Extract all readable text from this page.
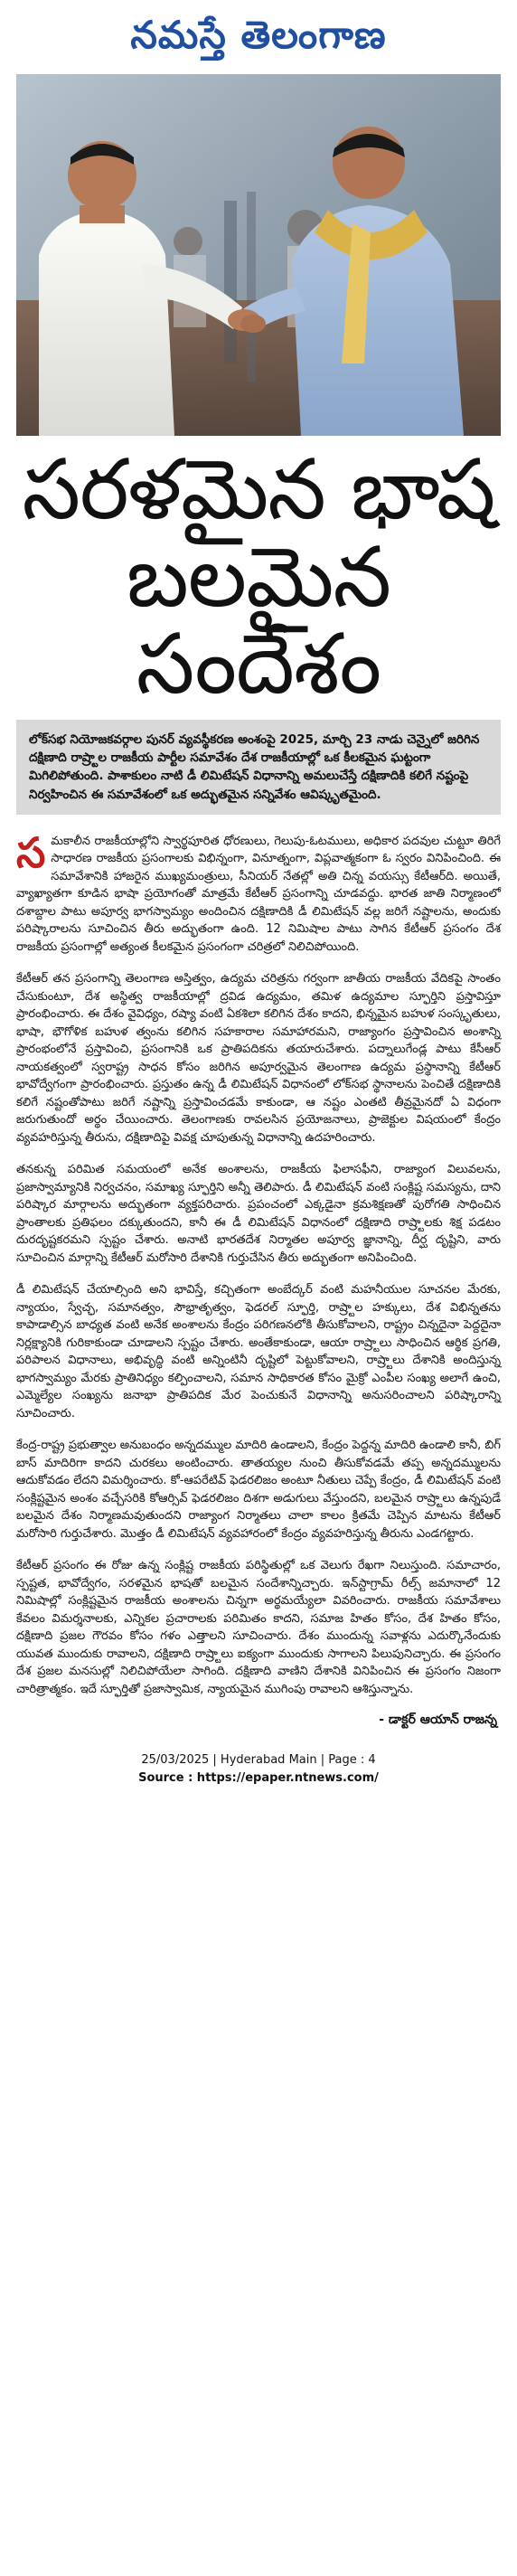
నమస్తే తెలంగాణ
సరళమైన భాష
బలమైన సందేశం
లోక్‌సభ నియోజకవర్గాల పునర్‌ వ్యవస్థీకరణ అంశంపై 2025, మార్చి 23 నాడు చెన్నైలో జరిగిన దక్షిణాది రాష్ర్టాల రాజకీయ పార్టీల సమావేశం దేశ రాజకీయాల్లో ఒక కీలకమైన ఘట్టంగా మిగిలిపోతుంది. పాశాకులం నాటి డీ లిమిటేషన్‌ విధానాన్ని అమలుచేస్తే దక్షిణాదికి కలిగే నష్టంపై నిర్వహించిన ఈ సమావేశంలో ఒక అద్భుతమైన సన్నివేశం ఆవిష్కృతమైంది.

స మకాలీన రాజకీయాల్లోని స్వార్థపూరిత ధోరణులు, గెలుపు-ఓటములు, అధికార పదవుల చుట్టూ తిరిగే సాధారణ రాజకీయ ప్రసంగాలకు విభిన్నంగా, వినూత్నంగా, విప్లవాత్మకంగా ఓ స్వరం వినిపించింది. ఈ సమావేశానికి హాజరైన ముఖ్యమంత్రులు, సీనియర్‌ నేతల్లో అతి చిన్న వయస్సు కేటీఆర్‌ది. అయితే, వ్యాఖ్యాతగా కూడిన భాషా ప్రయోగంతో మాత్రమే కేటీఆర్‌ ప్రసంగాన్ని చూడవద్దు. భారత జాతి నిర్మాణంలో దశాబ్దాల పాటు అపూర్వ భాగస్వామ్యం అందించిన దక్షిణాదికి డీ లిమిటేషన్‌ వల్ల జరిగే నష్టాలను, అందుకు పరిష్కారాలను సూచించిన తీరు అద్భుతంగా ఉంది. 12 నిమిషాల పాటు సాగిన కేటీఆర్‌ ప్రసంగం దేశ రాజకీయ ప్రసంగాల్లో అత్యంత కీలకమైన ప్రసంగంగా చరిత్రలో నిలిచిపోయింది.

కేటీఆర్‌ తన ప్రసంగాన్ని తెలంగాణ అస్తిత్వం, ఉద్యమ చరిత్రను గర్వంగా జాతీయ రాజకీయ వేదికపై సాంతం చేసుకుంటూ, దేశ అస్థిత్వ రాజకీయాల్లో ద్రవిడ ఉద్యమం, తమిళ ఉద్యమాల స్ఫూర్తిని ప్రస్తావిస్తూ ప్రారంభించారు. ఈ దేశం వైవిధ్యం, రష్యా వంటి ఏకశిలా కలిగిన దేశం కాదని, భిన్నమైన బహుళ సంస్కృతులు, భాషా, భౌగోళిక బహుళ త్వంను కలిగిన సహకారాల సమాహారమని, రాజ్యాంగం ప్రస్తావించిన అంశాన్ని ప్రారంభంలోనే ప్రస్తావించి, ప్రసంగానికి ఒక ప్రాతిపదికను తయారుచేశారు. పద్నాలుగేండ్ల పాటు కేసీఆర్‌ నాయకత్వంలో స్వరాష్ట్ర సాధన కోసం జరిగిన అపూర్వమైన తెలంగాణ ఉద్యమ ప్రస్థానాన్ని కేటీఆర్‌ భావోద్వేగంగా ప్రారంభించారు. ప్రస్తుతం ఉన్న డీ లిమిటేషన్‌ విధానంలో లోక్‌సభ స్థానాలను పెంచితే దక్షిణాదికి కలిగే నష్టంతోపాటు జరిగే నష్టాన్ని ప్రస్తావించడమే కాకుండా, ఆ నష్టం ఎంతటి తీవ్రమైనదో ఏ విధంగా జరుగుతుందో అర్థం చేయించారు. తెలంగాణకు రావలసిన ప్రయోజనాలు, ప్రాజెక్టుల విషయంలో కేంద్రం వ్యవహరిస్తున్న తీరును, దక్షిణాదిపై వివక్ష చూపుతున్న విధానాన్ని ఉదహరించారు.

తనకున్న పరిమిత సమయంలో అనేక అంశాలను, రాజకీయ ఫిలాసఫీని, రాజ్యాంగ విలువలను, ప్రజాస్వామ్యానికి నిర్వచనం, సమాఖ్య స్ఫూర్తిని అన్నీ తెలిపారు. డీ లిమిటేషన్‌ వంటి సంక్లిష్ట సమస్యను, దాని పరిష్కార మార్గాలను అద్భుతంగా వ్యక్తపరిచారు. ప్రపంచంలో ఎక్కడైనా క్రమశిక్షణతో పురోగతి సాధించిన ప్రాంతాలకు ప్రతిఫలం దక్కుతుందని, కానీ ఈ డీ లిమిటేషన్‌ విధానంలో దక్షిణాది రాష్ర్టాలకు శిక్ష పడటం దురదృష్టకరమని స్పష్టం చేశారు. అనాటి భారతదేశ నిర్మాతల అపూర్వ జ్ఞానాన్ని, దీర్ఘ దృష్టిని, వారు సూచించిన మార్గాన్ని కేటీఆర్‌ మరోసారి దేశానికి గుర్తుచేసిన తీరు అద్భుతంగా అనిపించింది.

డీ లిమిటేషన్‌ చేయాల్సింది అని భావిస్తే, కచ్చితంగా అంబేద్కర్‌ వంటి మహనీయుల సూచనల మేరకు, న్యాయం, స్వేచ్ఛ, సమానత్వం, సౌభ్రాతృత్వం, ఫెడరల్‌ స్ఫూర్తి, రాష్ర్టాల హక్కులు, దేశ విభిన్నతను కాపాడాల్సిన బాధ్యత వంటి అనేక అంశాలను కేంద్రం పరిగణనలోకి తీసుకోవాలని, రాష్ట్రం చిన్నదైనా పెద్దదైనా నిర్లక్ష్యానికి గురికాకుండా చూడాలని స్పష్టం చేశారు. అంతేకాకుండా, ఆయా రాష్ర్టాలు సాధించిన ఆర్థిక ప్రగతి, పరిపాలన విధానాలు, అభివృద్ధి వంటి అన్నింటినీ దృష్టిలో పెట్టుకోవాలని, రాష్ర్టాలు దేశానికి అందిస్తున్న భాగస్వామ్యం మేరకు ప్రాతినిధ్యం కల్పించాలని, సమాన సాధికారత కోసం మైక్రో ఎంపీల సంఖ్య అలాగే ఉంచి, ఎమ్మెల్యేల సంఖ్యను జనాభా ప్రాతిపదిక మేర పెంచుకునే విధానాన్ని అనుసరించాలని పరిష్కారాన్ని సూచించారు.

కేంద్ర-రాష్ట్ర ప్రభుత్వాల అనుబంధం అన్నదమ్ముల మాదిరి ఉండాలని, కేంద్రం పెద్దన్న మాదిరి ఉండాలి కానీ, బిగ్‌ బాస్‌ మాదిరిగా కాదని చురకలు అంటించారు. తాతయ్యల నుంచి తీసుకోవడమే తప్ప అన్నదమ్ములను ఆదుకోవడం లేదని విమర్శించారు. కో-ఆపరేటివ్‌ ఫెడరలిజం అంటూ నీతులు చెప్పే కేంద్రం, డీ లిమిటేషన్‌ వంటి సంక్లిష్టమైన అంశం వచ్చేసరికి కోఆర్సివ్‌ ఫెడరలిజం దిశగా అడుగులు వేస్తుందని, బలమైన రాష్ర్టాలు ఉన్నపుడే బలమైన దేశం నిర్మాణమవుతుందని రాజ్యాంగ నిర్మాతలు చాలా కాలం క్రితమే చెప్పిన మాటను కేటీఆర్‌ మరోసారి గుర్తుచేశారు. మొత్తం డీ లిమిటేషన్‌ వ్యవహారంలో కేంద్రం వ్యవహరిస్తున్న తీరును ఎండగట్టారు.

కేటీఆర్‌ ప్రసంగం ఈ రోజు ఉన్న సంక్లిష్ట రాజకీయ పరిస్థితుల్లో ఒక వెలుగు రేఖగా నిలుస్తుంది. సమాచారం, స్పష్టత, భావోద్వేగం, సరళమైన భాషతో బలమైన సందేశాన్నిచ్చారు. ఇన్‌స్టాగ్రామ్‌ రీల్స్‌ జమానాలో 12 నిమిషాల్లో సంక్లిష్టమైన రాజకీయ అంశాలను చిన్నగా అర్థమయ్యేలా వివరించారు. రాజకీయ సమావేశాలు కేవలం విమర్శనాలకు, ఎన్నికల ప్రచారాలకు పరిమితం కాదని, సమాజ హితం కోసం, దేశ హితం కోసం, దక్షిణాది ప్రజల గౌరవం కోసం గళం ఎత్తాలని సూచించారు. దేశం ముందున్న సవాళ్లను ఎదుర్కొనేందుకు యువత ముందుకు రావాలని, దక్షిణాది రాష్ర్టాలు ఐక్యంగా ముందుకు సాగాలని పిలుపునిచ్చారు. ఈ ప్రసంగం దేశ ప్రజల మనసుల్లో నిలిచిపోయేలా సాగింది. దక్షిణాది వాణిని దేశానికి వినిపించిన ఈ ప్రసంగం నిజంగా చారిత్రాత్మకం. ఇదే స్ఫూర్తితో ప్రజాస్వామిక, న్యాయమైన ముగింపు రావాలని ఆశిస్తున్నాను.

- డాక్టర్‌ ఆయాన్‌ రాజన్న
25/03/2025 | Hyderabad Main | Page : 4
Source : https://epaper.ntnews.com/
